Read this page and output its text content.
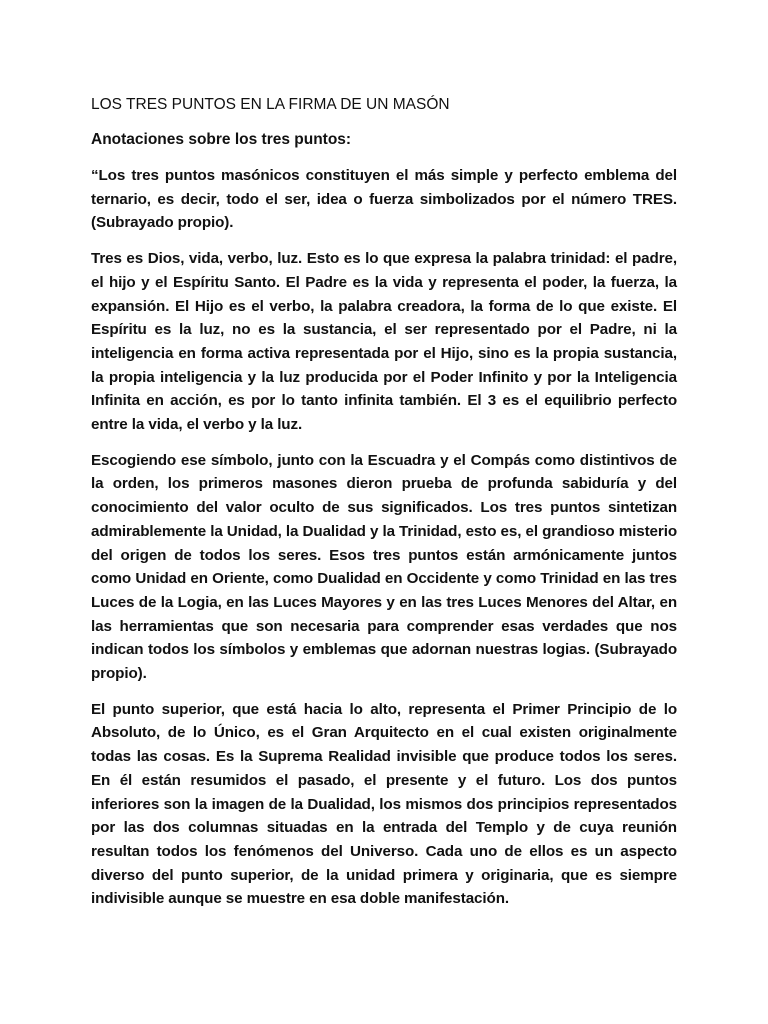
LOS TRES PUNTOS EN LA FIRMA DE UN MASÓN
Anotaciones sobre los tres puntos:

“Los tres puntos masónicos constituyen el más simple y perfecto emblema del ternario, es decir, todo el ser, idea o fuerza simbolizados por el número TRES. (Subrayado propio).

Tres es Dios, vida, verbo, luz. Esto es lo que expresa la palabra trinidad: el padre, el hijo y el Espíritu Santo. El Padre es la vida y representa el poder, la fuerza, la expansión. El Hijo es el verbo, la palabra creadora, la forma de lo que existe. El Espíritu es la luz, no es la sustancia, el ser representado por el Padre, ni la inteligencia en forma activa representada por el Hijo, sino es la propia sustancia, la propia inteligencia y la luz producida por el Poder Infinito y por la Inteligencia Infinita en acción, es por lo tanto infinita también. El 3 es el equilibrio perfecto entre la vida, el verbo y la luz.

Escogiendo ese símbolo, junto con la Escuadra y el Compás como distintivos de la orden, los primeros masones dieron prueba de profunda sabiduría y del conocimiento del valor oculto de sus significados. Los tres puntos sintetizan admirablemente la Unidad, la Dualidad y la Trinidad, esto es, el grandioso misterio del origen de todos los seres. Esos tres puntos están armónicamente juntos como Unidad en Oriente, como Dualidad en Occidente y como Trinidad en las tres Luces de la Logia, en las Luces Mayores y en las tres Luces Menores del Altar, en las herramientas que son necesaria para comprender esas verdades que nos indican todos los símbolos y emblemas que adornan nuestras logias. (Subrayado propio).

El punto superior, que está hacia lo alto, representa el Primer Principio de lo Absoluto, de lo Único, es el Gran Arquitecto en el cual existen originalmente todas las cosas. Es la Suprema Realidad invisible que produce todos los seres. En él están resumidos el pasado, el presente y el futuro. Los dos puntos inferiores son la imagen de la Dualidad, los mismos dos principios representados por las dos columnas situadas en la entrada del Templo y de cuya reunión resultan todos los fenómenos del Universo. Cada uno de ellos es un aspecto diverso del punto superior, de la unidad primera y originaria, que es siempre indivisible aunque se muestre en esa doble manifestación.
